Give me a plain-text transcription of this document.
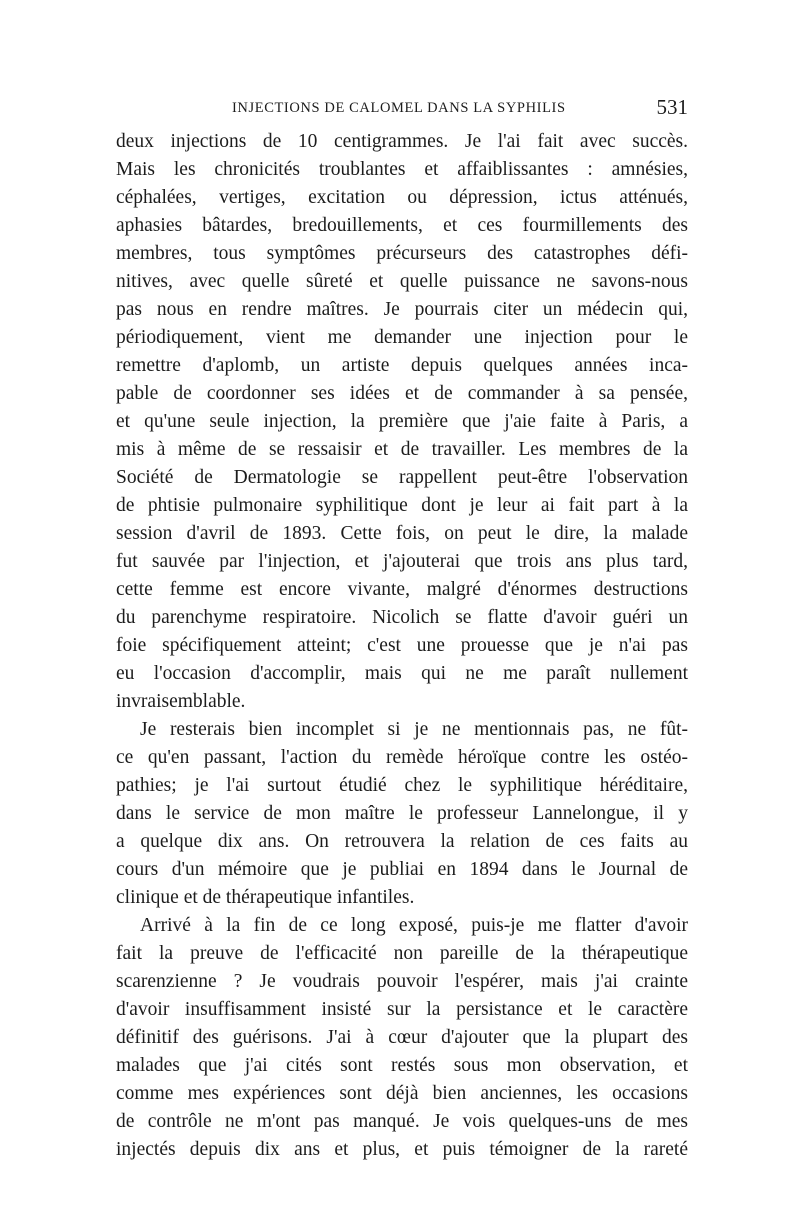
INJECTIONS DE CALOMEL DANS LA SYPHILIS	531
deux injections de 10 centigrammes. Je l'ai fait avec succès.
Mais les chronicités troublantes et affaiblissantes : amnésies,
céphalées, vertiges, excitation ou dépression, ictus atténués,
aphasies bâtardes, bredouillements, et ces fourmillements des
membres, tous symptômes précurseurs des catastrophes défi-
nitives, avec quelle sûreté et quelle puissance ne savons-nous
pas nous en rendre maîtres. Je pourrais citer un médecin qui,
périodiquement, vient me demander une injection pour le
remettre d'aplomb, un artiste depuis quelques années inca-
pable de coordonner ses idées et de commander à sa pensée,
et qu'une seule injection, la première que j'aie faite à Paris, a
mis à même de se ressaisir et de travailler. Les membres de la
Société de Dermatologie se rappellent peut-être l'observation
de phtisie pulmonaire syphilitique dont je leur ai fait part à la
session d'avril de 1893. Cette fois, on peut le dire, la malade
fut sauvée par l'injection, et j'ajouterai que trois ans plus tard,
cette femme est encore vivante, malgré d'énormes destructions
du parenchyme respiratoire. Nicolich se flatte d'avoir guéri un
foie spécifiquement atteint; c'est une prouesse que je n'ai pas
eu l'occasion d'accomplir, mais qui ne me paraît nullement
invraisemblable.
Je resterais bien incomplet si je ne mentionnais pas, ne fût-
ce qu'en passant, l'action du remède héroïque contre les ostéo-
pathies; je l'ai surtout étudié chez le syphilitique héréditaire,
dans le service de mon maître le professeur Lannelongue, il y
a quelque dix ans. On retrouvera la relation de ces faits au
cours d'un mémoire que je publiai en 1894 dans le Journal de
clinique et de thérapeutique infantiles.
Arrivé à la fin de ce long exposé, puis-je me flatter d'avoir
fait la preuve de l'efficacité non pareille de la thérapeutique
scarenzienne ? Je voudrais pouvoir l'espérer, mais j'ai crainte
d'avoir insuffisamment insisté sur la persistance et le caractère
définitif des guérisons. J'ai à cœur d'ajouter que la plupart des
malades que j'ai cités sont restés sous mon observation, et
comme mes expériences sont déjà bien anciennes, les occasions
de contrôle ne m'ont pas manqué. Je vois quelques-uns de mes
injectés depuis dix ans et plus, et puis témoigner de la rareté
